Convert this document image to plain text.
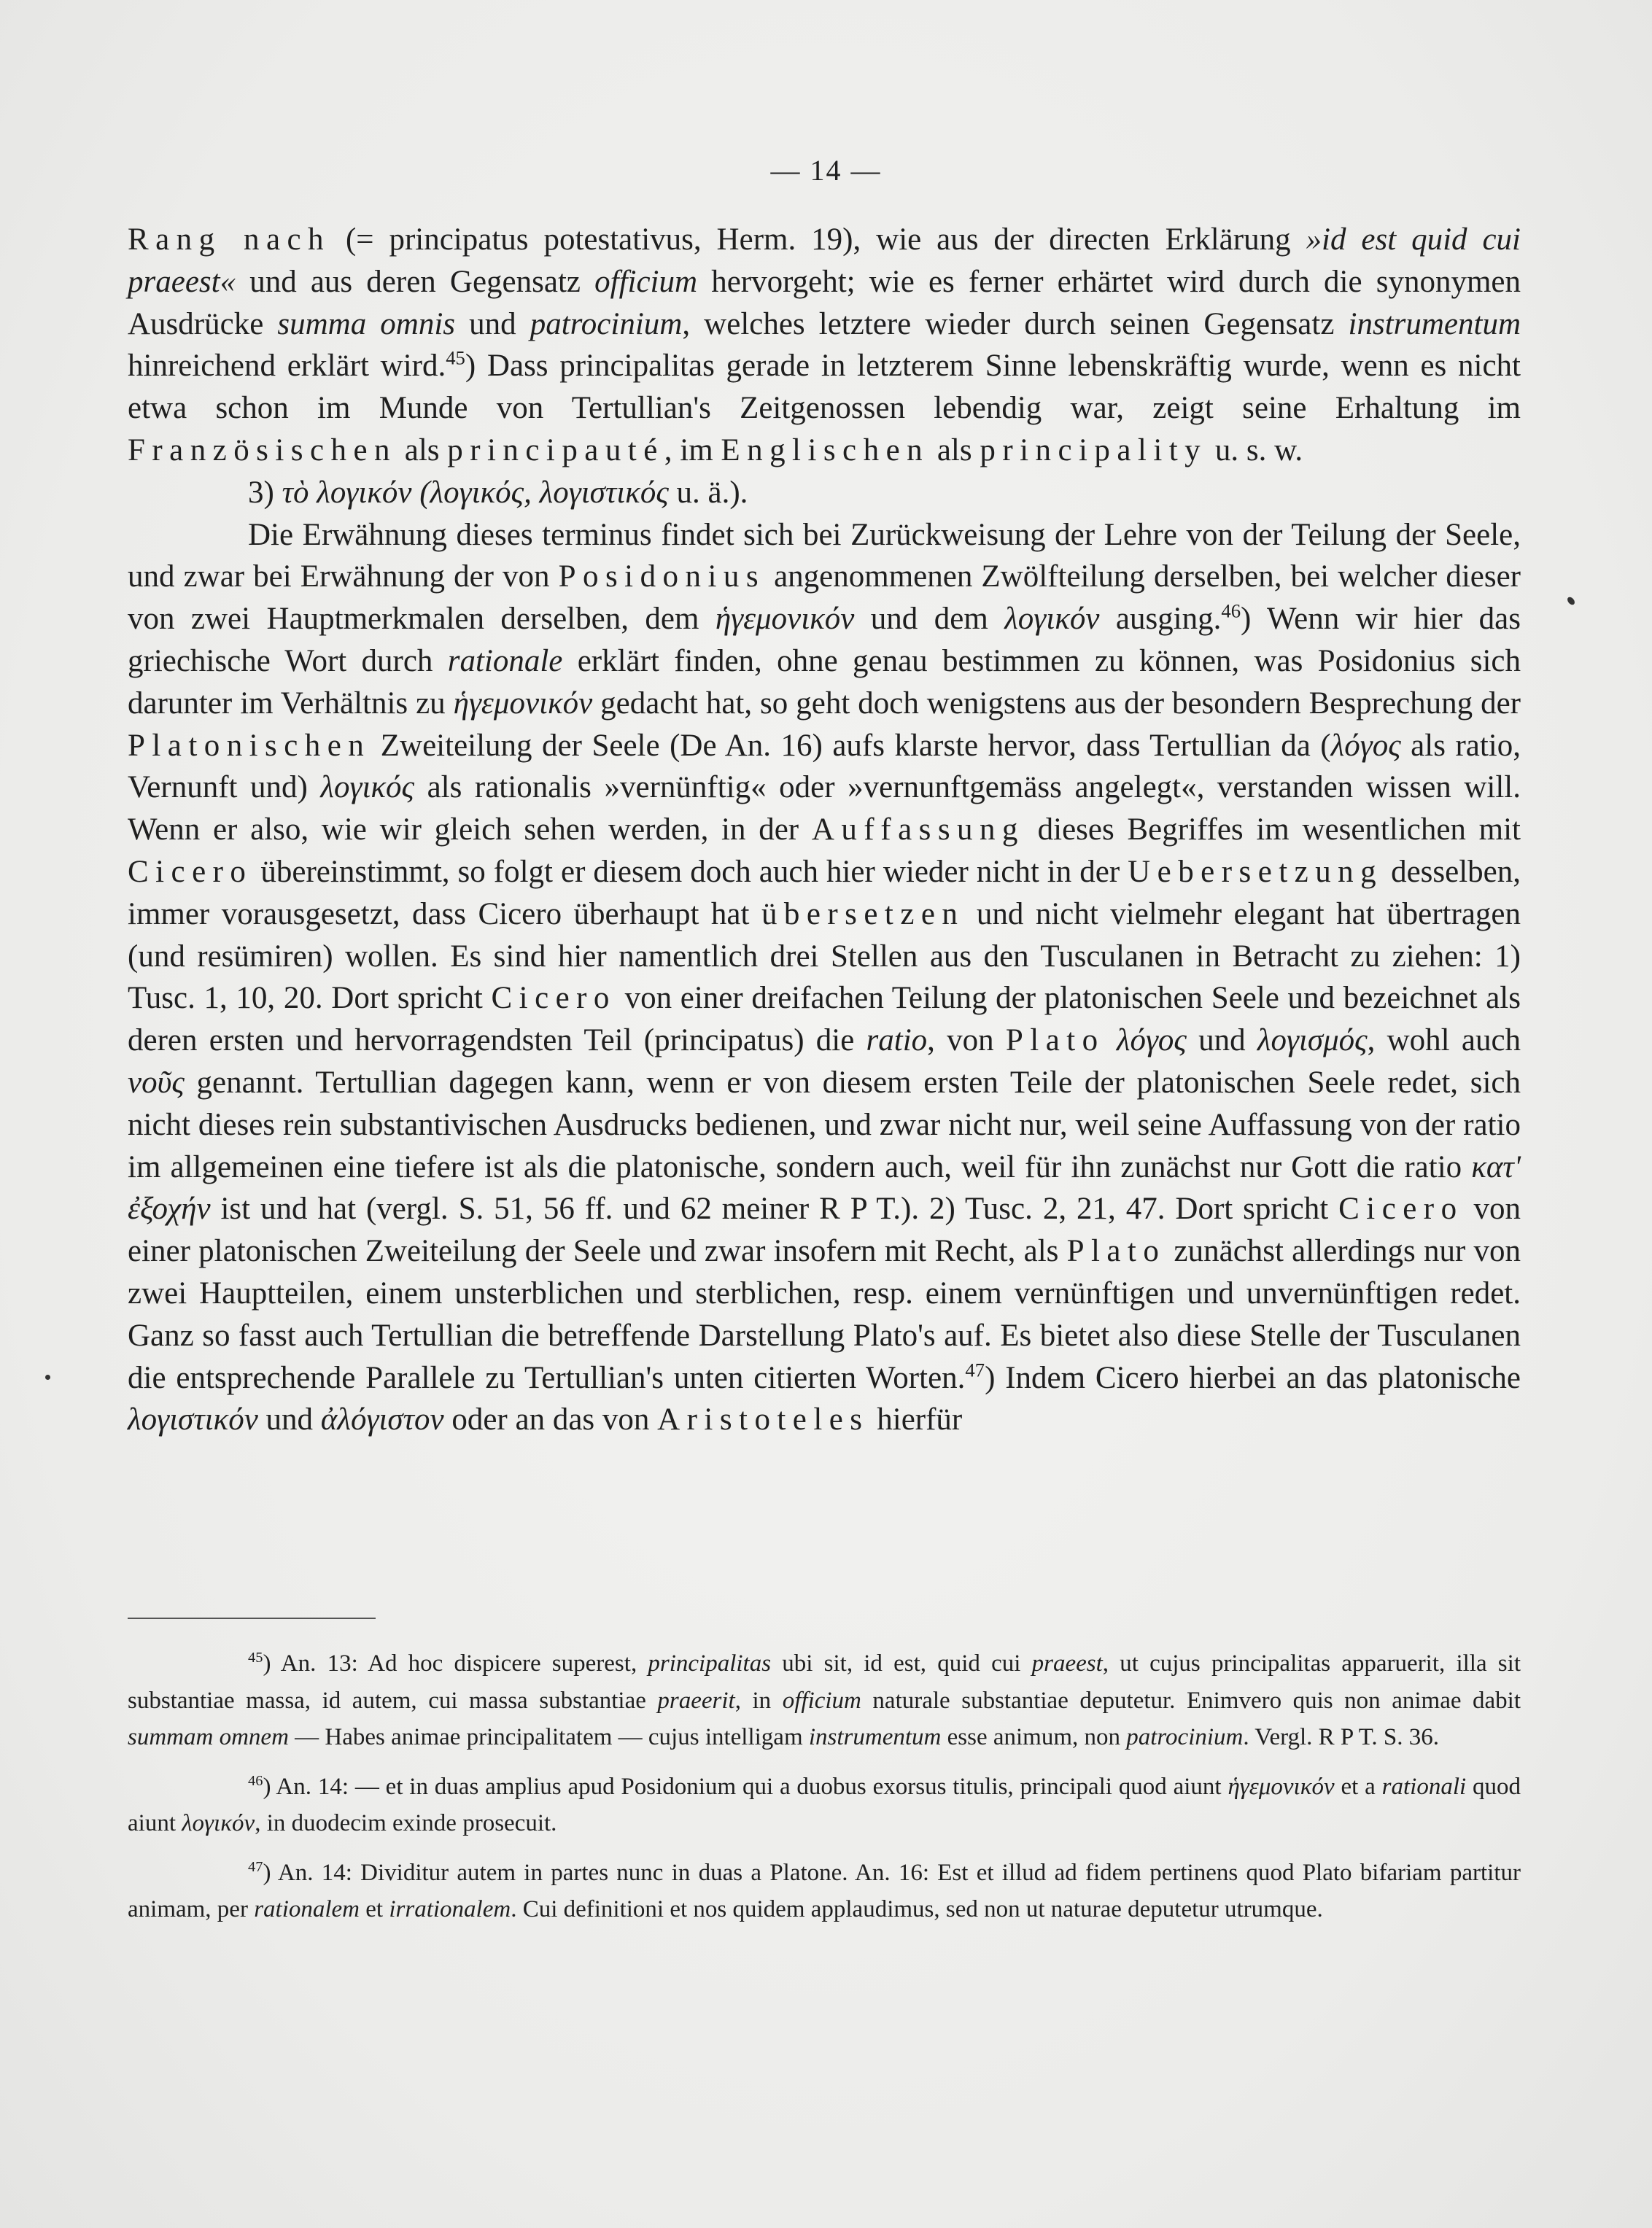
— 14 —

Rang nach (= principatus potestativus, Herm. 19), wie aus der directen Erklärung »id est quid cui praeest« und aus deren Gegensatz officium hervorgeht; wie es ferner erhärtet wird durch die synonymen Ausdrücke summa omnis und patrocinium, welches letztere wieder durch seinen Gegensatz instrumentum hinreichend erklärt wird.$^{45}$) Dass principalitas gerade in letzterem Sinne lebenskräftig wurde, wenn es nicht etwa schon im Munde von Tertullian's Zeitgenossen lebendig war, zeigt seine Erhaltung im Französischen als principauté, im Englischen als principality u. s. w.

3) τὸ λογικόν (λογικός, λογιστικός u. ä.).

Die Erwähnung dieses terminus findet sich bei Zurückweisung der Lehre von der Teilung der Seele, und zwar bei Erwähnung der von Posidonius angenommenen Zwölfteilung derselben, bei welcher dieser von zwei Hauptmerkmalen derselben, dem ἡγεμονικόν und dem λογικόν ausging.$^{46}$) Wenn wir hier das griechische Wort durch rationale erklärt finden, ohne genau bestimmen zu können, was Posidonius sich darunter im Verhältnis zu ἡγεμονικόν gedacht hat, so geht doch wenigstens aus der besondern Besprechung der Platonischen Zweiteilung der Seele (De An. 16) aufs klarste hervor, dass Tertullian da (λόγος als ratio, Vernunft und) λογικός als rationalis »vernünftig« oder »vernunftgemäss angelegt«, verstanden wissen will. Wenn er also, wie wir gleich sehen werden, in der Auffassung dieses Begriffes im wesentlichen mit Cicero übereinstimmt, so folgt er diesem doch auch hier wieder nicht in der Uebersetzung desselben, immer vorausgesetzt, dass Cicero überhaupt hat übersetzen und nicht vielmehr elegant hat übertragen (und resümiren) wollen. Es sind hier namentlich drei Stellen aus den Tusculanen in Betracht zu ziehen: 1) Tusc. 1, 10, 20. Dort spricht Cicero von einer dreifachen Teilung der platonischen Seele und bezeichnet als deren ersten und hervorragendsten Teil (principatus) die ratio, von Plato λόγος und λογισμός, wohl auch νοῦς genannt. Tertullian dagegen kann, wenn er von diesem ersten Teile der platonischen Seele redet, sich nicht dieses rein substantivischen Ausdrucks bedienen, und zwar nicht nur, weil seine Auffassung von der ratio im allgemeinen eine tiefere ist als die platonische, sondern auch, weil für ihn zunächst nur Gott die ratio κατ' ἐξοχήν ist und hat (vergl. S. 51, 56 ff. und 62 meiner R P T.). 2) Tusc. 2, 21, 47. Dort spricht Cicero von einer platonischen Zweiteilung der Seele und zwar insofern mit Recht, als Plato zunächst allerdings nur von zwei Hauptteilen, einem unsterblichen und sterblichen, resp. einem vernünftigen und unvernünftigen redet. Ganz so fasst auch Tertullian die betreffende Darstellung Plato's auf. Es bietet also diese Stelle der Tusculanen die entsprechende Parallele zu Tertullian's unten citierten Worten.$^{47}$) Indem Cicero hierbei an das platonische λογιστικόν und ἀλόγιστον oder an das von Aristoteles hierfür

$^{45}$) An. 13: Ad hoc dispicere superest, principalitas ubi sit, id est, quid cui praeest, ut cujus principalitas apparuerit, illa sit substantiae massa, id autem, cui massa substantiae praeerit, in officium naturale substantiae deputetur. Enimvero quis non animae dabit summam omnem — Habes animae principalitatem — cujus intelligam instrumentum esse animum, non patrocinium. Vergl. R P T. S. 36.

$^{46}$) An. 14: — et in duas amplius apud Posidonium qui a duobus exorsus titulis, principali quod aiunt ἡγεμονικόν et a rationali quod aiunt λογικόν, in duodecim exinde prosecuit.

$^{47}$) An. 14: Dividitur autem in partes nunc in duas a Platone. An. 16: Est et illud ad fidem pertinens quod Plato bifariam partitur animam, per rationalem et irrationalem. Cui definitioni et nos quidem applaudimus, sed non ut naturae deputetur utrumque.
